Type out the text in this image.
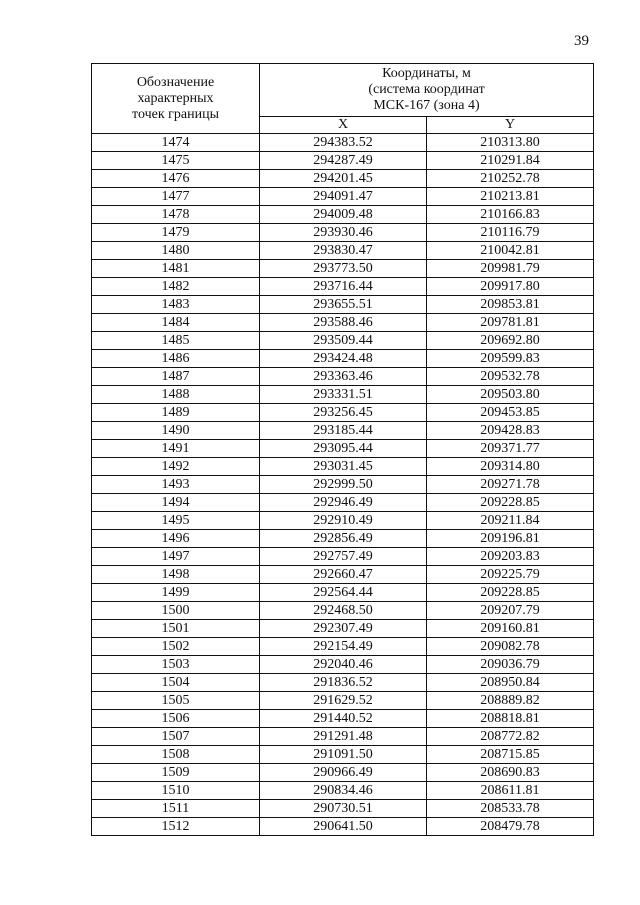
39
Обозначение
характерных
точек границы	Координаты, м
(система координат
МСК-167 (зона 4)	

	X	Y
1474	294383.52	210313.80
1475	294287.49	210291.84
1476	294201.45	210252.78
1477	294091.47	210213.81
1478	294009.48	210166.83
1479	293930.46	210116.79
1480	293830.47	210042.81
1481	293773.50	209981.79
1482	293716.44	209917.80
1483	293655.51	209853.81
1484	293588.46	209781.81
1485	293509.44	209692.80
1486	293424.48	209599.83
1487	293363.46	209532.78
1488	293331.51	209503.80
1489	293256.45	209453.85
1490	293185.44	209428.83
1491	293095.44	209371.77
1492	293031.45	209314.80
1493	292999.50	209271.78
1494	292946.49	209228.85
1495	292910.49	209211.84
1496	292856.49	209196.81
1497	292757.49	209203.83
1498	292660.47	209225.79
1499	292564.44	209228.85
1500	292468.50	209207.79
1501	292307.49	209160.81
1502	292154.49	209082.78
1503	292040.46	209036.79
1504	291836.52	208950.84
1505	291629.52	208889.82
1506	291440.52	208818.81
1507	291291.48	208772.82
1508	291091.50	208715.85
1509	290966.49	208690.83
1510	290834.46	208611.81
1511	290730.51	208533.78
1512	290641.50	208479.78
